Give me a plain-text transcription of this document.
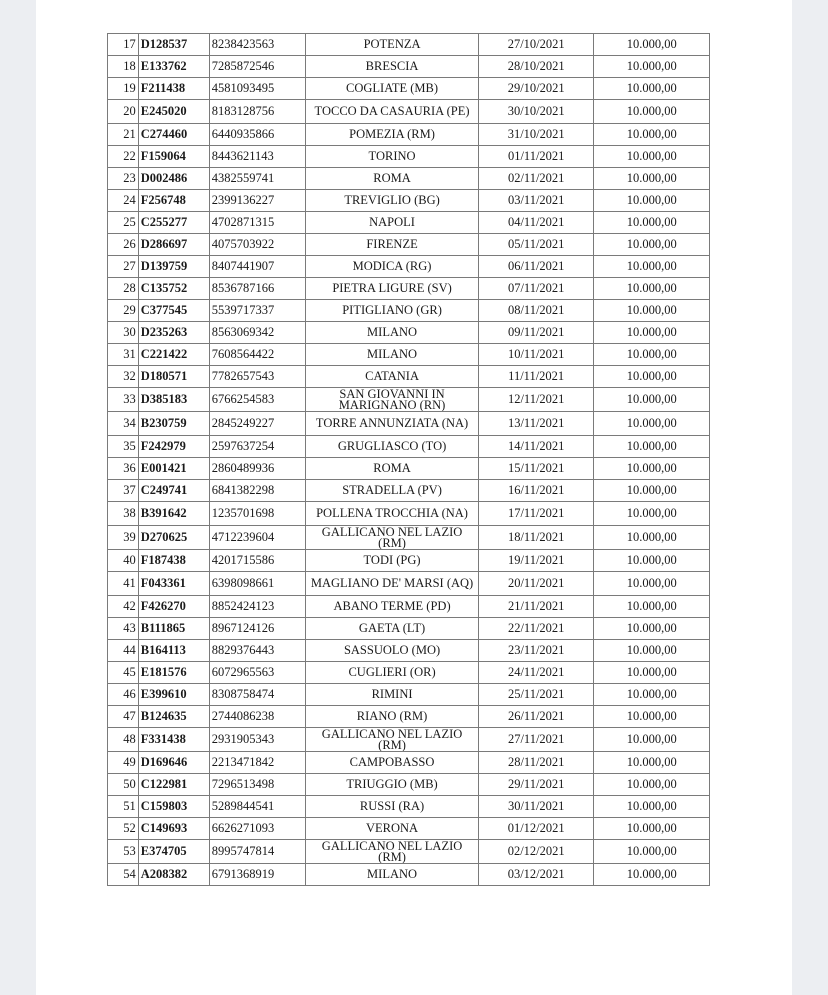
17	D128537	8238423563	POTENZA	27/10/2021	10.000,00
18	E133762	7285872546	BRESCIA	28/10/2021	10.000,00
19	F211438	4581093495	COGLIATE (MB)	29/10/2021	10.000,00
20	E245020	8183128756	TOCCO DA CASAURIA (PE)	30/10/2021	10.000,00
21	C274460	6440935866	POMEZIA (RM)	31/10/2021	10.000,00
22	F159064	8443621143	TORINO	01/11/2021	10.000,00
23	D002486	4382559741	ROMA	02/11/2021	10.000,00
24	F256748	2399136227	TREVIGLIO (BG)	03/11/2021	10.000,00
25	C255277	4702871315	NAPOLI	04/11/2021	10.000,00
26	D286697	4075703922	FIRENZE	05/11/2021	10.000,00
27	D139759	8407441907	MODICA (RG)	06/11/2021	10.000,00
28	C135752	8536787166	PIETRA LIGURE (SV)	07/11/2021	10.000,00
29	C377545	5539717337	PITIGLIANO (GR)	08/11/2021	10.000,00
30	D235263	8563069342	MILANO	09/11/2021	10.000,00
31	C221422	7608564422	MILANO	10/11/2021	10.000,00
32	D180571	7782657543	CATANIA	11/11/2021	10.000,00
33	D385183	6766254583	SAN GIOVANNI IN MARIGNANO (RN)	12/11/2021	10.000,00
34	B230759	2845249227	TORRE ANNUNZIATA (NA)	13/11/2021	10.000,00
35	F242979	2597637254	GRUGLIASCO (TO)	14/11/2021	10.000,00
36	E001421	2860489936	ROMA	15/11/2021	10.000,00
37	C249741	6841382298	STRADELLA (PV)	16/11/2021	10.000,00
38	B391642	1235701698	POLLENA TROCCHIA (NA)	17/11/2021	10.000,00
39	D270625	4712239604	GALLICANO NEL LAZIO (RM)	18/11/2021	10.000,00
40	F187438	4201715586	TODI (PG)	19/11/2021	10.000,00
41	F043361	6398098661	MAGLIANO DE' MARSI (AQ)	20/11/2021	10.000,00
42	F426270	8852424123	ABANO TERME (PD)	21/11/2021	10.000,00
43	B111865	8967124126	GAETA (LT)	22/11/2021	10.000,00
44	B164113	8829376443	SASSUOLO (MO)	23/11/2021	10.000,00
45	E181576	6072965563	CUGLIERI (OR)	24/11/2021	10.000,00
46	E399610	8308758474	RIMINI	25/11/2021	10.000,00
47	B124635	2744086238	RIANO (RM)	26/11/2021	10.000,00
48	F331438	2931905343	GALLICANO NEL LAZIO (RM)	27/11/2021	10.000,00
49	D169646	2213471842	CAMPOBASSO	28/11/2021	10.000,00
50	C122981	7296513498	TRIUGGIO (MB)	29/11/2021	10.000,00
51	C159803	5289844541	RUSSI (RA)	30/11/2021	10.000,00
52	C149693	6626271093	VERONA	01/12/2021	10.000,00
53	E374705	8995747814	GALLICANO NEL LAZIO (RM)	02/12/2021	10.000,00
54	A208382	6791368919	MILANO	03/12/2021	10.000,00
